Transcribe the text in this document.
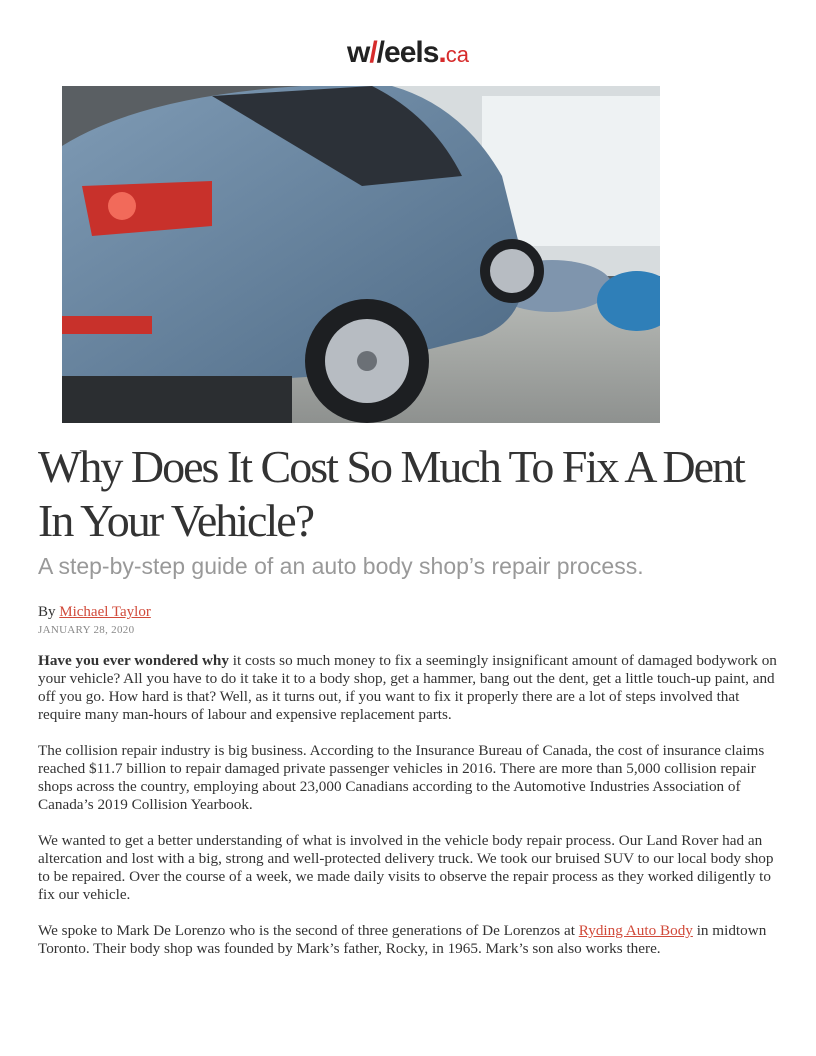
w//eels.ca
Why Does It Cost So Much To Fix A Dent In Your Vehicle?
A step-by-step guide of an auto body shop’s repair process.
By Michael Taylor
JANUARY 28, 2020

Have you ever wondered why it costs so much money to fix a seemingly insignificant amount of damaged bodywork on your vehicle? All you have to do it take it to a body shop, get a hammer, bang out the dent, get a little touch-up paint, and off you go. How hard is that? Well, as it turns out, if you want to fix it properly there are a lot of steps involved that require many man-hours of labour and expensive replacement parts.

The collision repair industry is big business. According to the Insurance Bureau of Canada, the cost of insurance claims reached $11.7 billion to repair damaged private passenger vehicles in 2016. There are more than 5,000 collision repair shops across the country, employing about 23,000 Canadians according to the Automotive Industries Association of Canada’s 2019 Collision Yearbook.

We wanted to get a better understanding of what is involved in the vehicle body repair process. Our Land Rover had an altercation and lost with a big, strong and well-protected delivery truck. We took our bruised SUV to our local body shop to be repaired. Over the course of a week, we made daily visits to observe the repair process as they worked diligently to fix our vehicle.

We spoke to Mark De Lorenzo who is the second of three generations of De Lorenzos at Ryding Auto Body in midtown Toronto. Their body shop was founded by Mark’s father, Rocky, in 1965. Mark’s son also works there.
